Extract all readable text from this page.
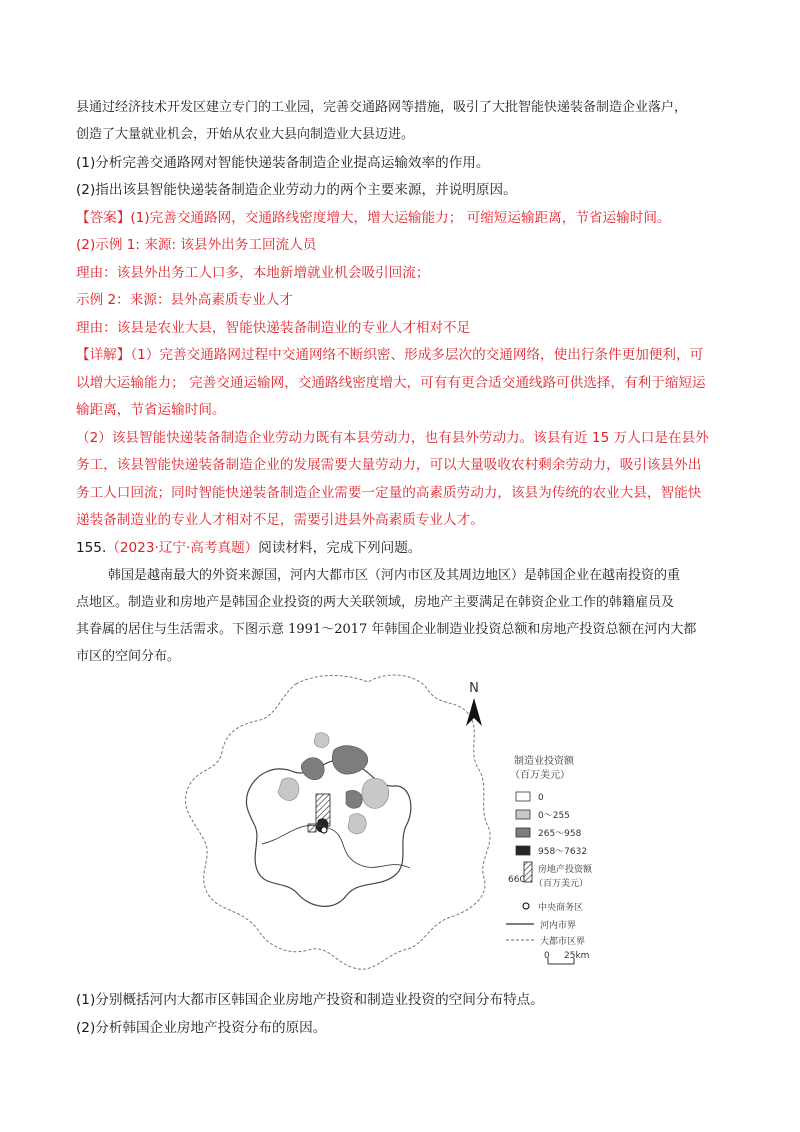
县通过经济技术开发区建立专门的工业园，完善交通路网等措施，吸引了大批智能快递装备制造企业落户，
创造了大量就业机会，开始从农业大县向制造业大县迈进。
(1)分析完善交通路网对智能快递装备制造企业提高运输效率的作用。
(2)指出该县智能快递装备制造企业劳动力的两个主要来源，并说明原因。
【答案】(1)完善交通路网，交通路线密度增大，增大运输能力； 可缩短运输距离，节省运输时间。
(2)示例 1: 来源: 该县外出务工回流人员
理由：该县外出务工人口多，本地新增就业机会吸引回流；
示例 2：来源：县外高素质专业人才
理由：该县是农业大县，智能快递装备制造业的专业人才相对不足
【详解】（1）完善交通路网过程中交通网络不断织密、形成多层次的交通网络，使出行条件更加便利，可
以增大运输能力； 完善交通运输网，交通路线密度增大，可有有更合适交通线路可供选择，有利于缩短运
输距离，节省运输时间。
（2）该县智能快递装备制造企业劳动力既有本县劳动力，也有县外劳动力。该县有近 15 万人口是在县外
务工，该县智能快递装备制造企业的发展需要大量劳动力，可以大量吸收农村剩余劳动力，吸引该县外出
务工人口回流；同时智能快递装备制造企业需要一定量的高素质劳动力，该县为传统的农业大县，智能快
递装备制造业的专业人才相对不足，需要引进县外高素质专业人才。
155.（2023·辽宁·高考真题）阅读材料，完成下列问题。
韩国是越南最大的外资来源国，河内大都市区（河内市区及其周边地区）是韩国企业在越南投资的重
点地区。制造业和房地产是韩国企业投资的两大关联领域，房地产主要满足在韩资企业工作的韩籍雇员及
其眷属的居住与生活需求。下图示意 1991～2017 年韩国企业制造业投资总额和房地产投资总额在河内大都
市区的空间分布。
N
制造业投资额
（百万美元）
0
0～255
265～958
958～7632
660
房地产投资额
（百万美元）
中央商务区
河内市界
大都市区界
0 25km
(1)分别概括河内大都市区韩国企业房地产投资和制造业投资的空间分布特点。
(2)分析韩国企业房地产投资分布的原因。
